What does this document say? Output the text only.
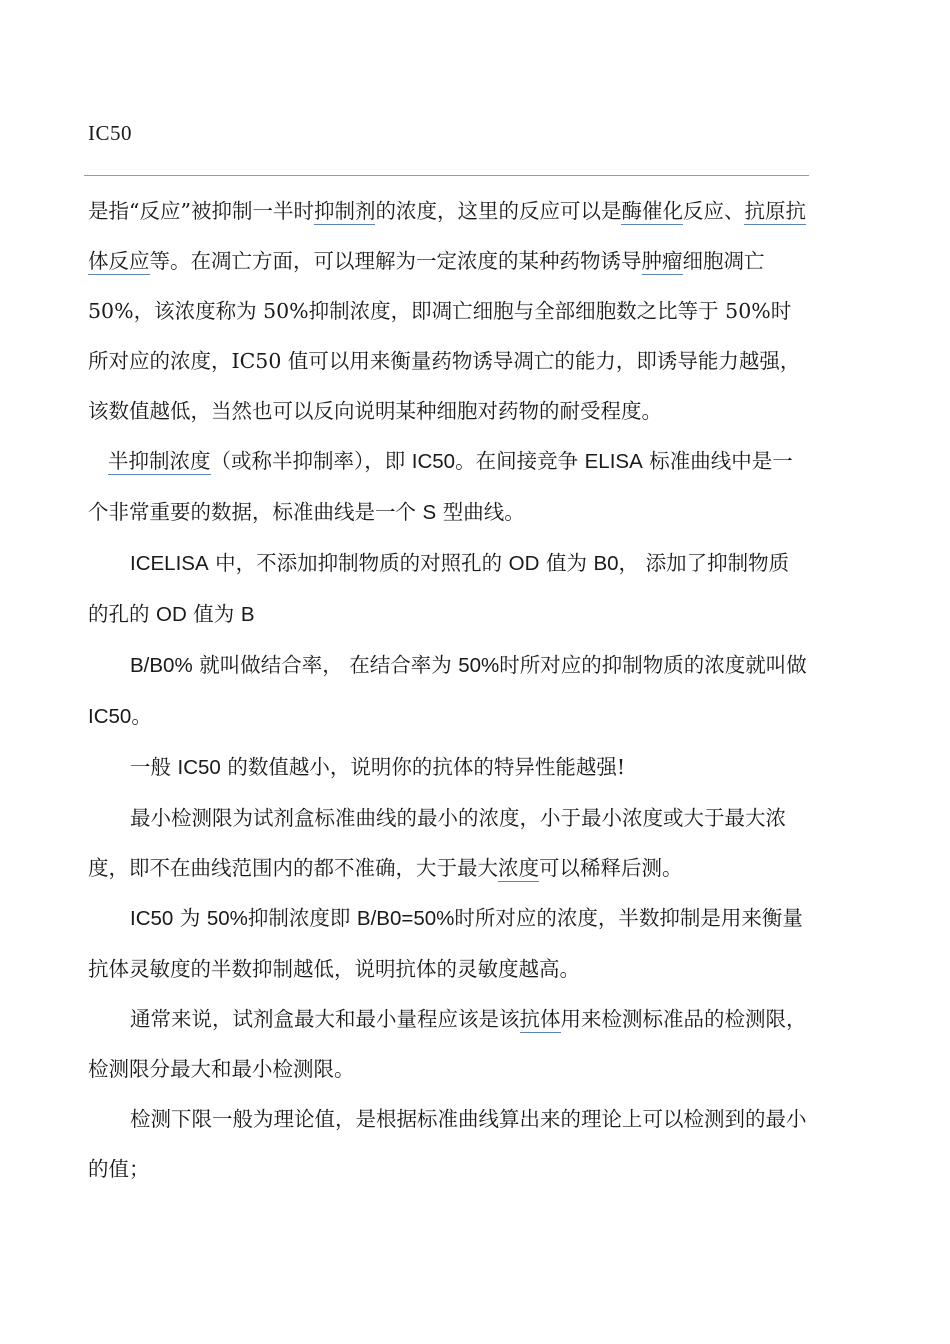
IC50

是指“反应”被抑制一半时抑制剂的浓度，这里的反应可以是酶催化反应、抗原抗体反应等。在凋亡方面，可以理解为一定浓度的某种药物诱导肿瘤细胞凋亡 50%，该浓度称为 50%抑制浓度，即凋亡细胞与全部细胞数之比等于 50%时所对应的浓度，IC50 值可以用来衡量药物诱导凋亡的能力，即诱导能力越强，该数值越低，当然也可以反向说明某种细胞对药物的耐受程度。

半抑制浓度（或称半抑制率），即 IC50。在间接竞争 ELISA 标准曲线中是一个非常重要的数据，标准曲线是一个 S 型曲线。

ICELISA 中，不添加抑制物质的对照孔的 OD 值为 B0， 添加了抑制物质的孔的 OD 值为 B

B/B0% 就叫做结合率， 在结合率为 50%时所对应的抑制物质的浓度就叫做 IC50。

一般 IC50 的数值越小，说明你的抗体的特异性能越强!

最小检测限为试剂盒标准曲线的最小的浓度，小于最小浓度或大于最大浓度，即不在曲线范围内的都不准确，大于最大浓度可以稀释后测。

IC50 为 50%抑制浓度即 B/B0=50%时所对应的浓度，半数抑制是用来衡量抗体灵敏度的半数抑制越低，说明抗体的灵敏度越高。

通常来说，试剂盒最大和最小量程应该是该抗体用来检测标准品的检测限，检测限分最大和最小检测限。

检测下限一般为理论值，是根据标准曲线算出来的理论上可以检测到的最小的值；
